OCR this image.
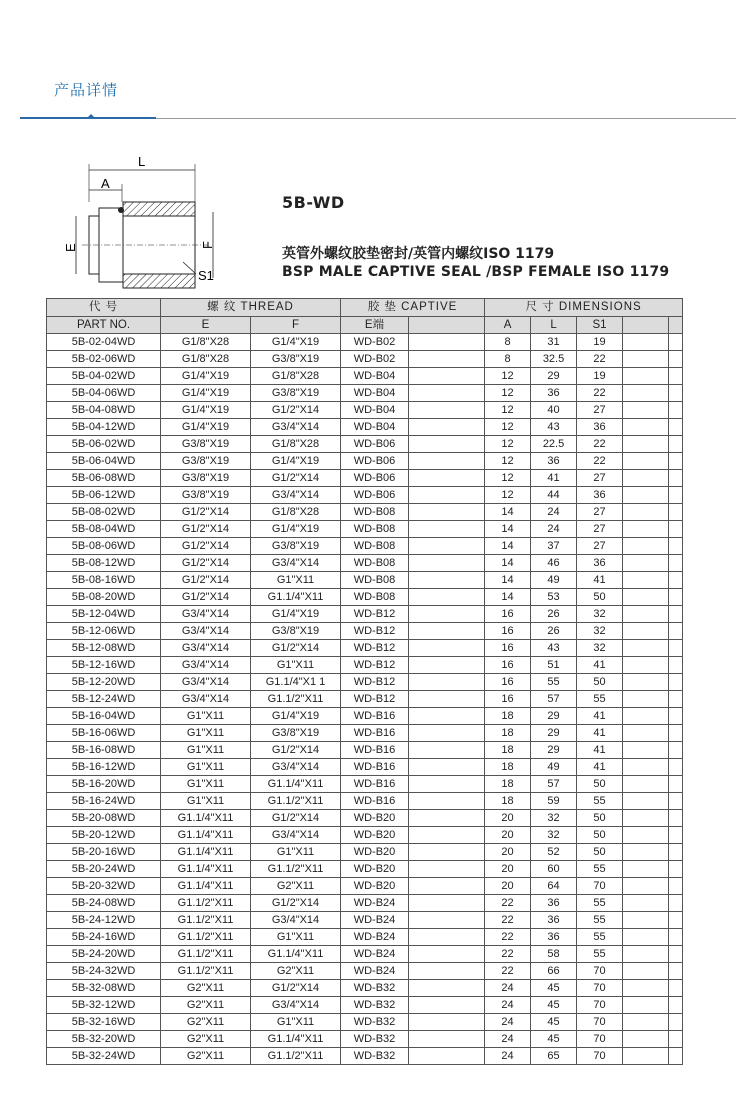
产品详情
L
A
E	F
S1
5B-WD
英管外螺纹胶垫密封/英管内螺纹ISO 1179
BSP MALE CAPTIVE SEAL /BSP FEMALE ISO 1179
代 号	螺 纹 THREAD		胶 垫 CAPTIVE		尺 寸 DIMENSIONS				
PART NO.	E	F	E端		A	L	S1		
5B-02-04WD	G1/8"X28	G1/4"X19	WD-B02		8	31	19		
5B-02-06WD	G1/8"X28	G3/8"X19	WD-B02		8	32.5	22		
5B-04-02WD	G1/4"X19	G1/8"X28	WD-B04		12	29	19		
5B-04-06WD	G1/4"X19	G3/8"X19	WD-B04		12	36	22		
5B-04-08WD	G1/4"X19	G1/2"X14	WD-B04		12	40	27		
5B-04-12WD	G1/4"X19	G3/4"X14	WD-B04		12	43	36		
5B-06-02WD	G3/8"X19	G1/8"X28	WD-B06		12	22.5	22		
5B-06-04WD	G3/8"X19	G1/4"X19	WD-B06		12	36	22		
5B-06-08WD	G3/8"X19	G1/2"X14	WD-B06		12	41	27		
5B-06-12WD	G3/8"X19	G3/4"X14	WD-B06		12	44	36		
5B-08-02WD	G1/2"X14	G1/8"X28	WD-B08		14	24	27		
5B-08-04WD	G1/2"X14	G1/4"X19	WD-B08		14	24	27		
5B-08-06WD	G1/2"X14	G3/8"X19	WD-B08		14	37	27		
5B-08-12WD	G1/2"X14	G3/4"X14	WD-B08		14	46	36		
5B-08-16WD	G1/2"X14	G1"X11	WD-B08		14	49	41		
5B-08-20WD	G1/2"X14	G1.1/4"X11	WD-B08		14	53	50		
5B-12-04WD	G3/4"X14	G1/4"X19	WD-B12		16	26	32		
5B-12-06WD	G3/4"X14	G3/8"X19	WD-B12		16	26	32		
5B-12-08WD	G3/4"X14	G1/2"X14	WD-B12		16	43	32		
5B-12-16WD	G3/4"X14	G1"X11	WD-B12		16	51	41		
5B-12-20WD	G3/4"X14	G1.1/4"X1 1	WD-B12		16	55	50		
5B-12-24WD	G3/4"X14	G1.1/2"X11	WD-B12		16	57	55		
5B-16-04WD	G1"X11	G1/4"X19	WD-B16		18	29	41		
5B-16-06WD	G1"X11	G3/8"X19	WD-B16		18	29	41		
5B-16-08WD	G1"X11	G1/2"X14	WD-B16		18	29	41		
5B-16-12WD	G1"X11	G3/4"X14	WD-B16		18	49	41		
5B-16-20WD	G1"X11	G1.1/4"X11	WD-B16		18	57	50		
5B-16-24WD	G1"X11	G1.1/2"X11	WD-B16		18	59	55		
5B-20-08WD	G1.1/4"X11	G1/2"X14	WD-B20		20	32	50		
5B-20-12WD	G1.1/4"X11	G3/4"X14	WD-B20		20	32	50		
5B-20-16WD	G1.1/4"X11	G1"X11	WD-B20		20	52	50		
5B-20-24WD	G1.1/4"X11	G1.1/2"X11	WD-B20		20	60	55		
5B-20-32WD	G1.1/4"X11	G2"X11	WD-B20		20	64	70		
5B-24-08WD	G1.1/2"X11	G1/2"X14	WD-B24		22	36	55		
5B-24-12WD	G1.1/2"X11	G3/4"X14	WD-B24		22	36	55		
5B-24-16WD	G1.1/2"X11	G1"X11	WD-B24		22	36	55		
5B-24-20WD	G1.1/2"X11	G1.1/4"X11	WD-B24		22	58	55		
5B-24-32WD	G1.1/2"X11	G2"X11	WD-B24		22	66	70		
5B-32-08WD	G2"X11	G1/2"X14	WD-B32		24	45	70		
5B-32-12WD	G2"X11	G3/4"X14	WD-B32		24	45	70		
5B-32-16WD	G2"X11	G1"X11	WD-B32		24	45	70		
5B-32-20WD	G2"X11	G1.1/4"X11	WD-B32		24	45	70		
5B-32-24WD	G2"X11	G1.1/2"X11	WD-B32		24	65	70		
